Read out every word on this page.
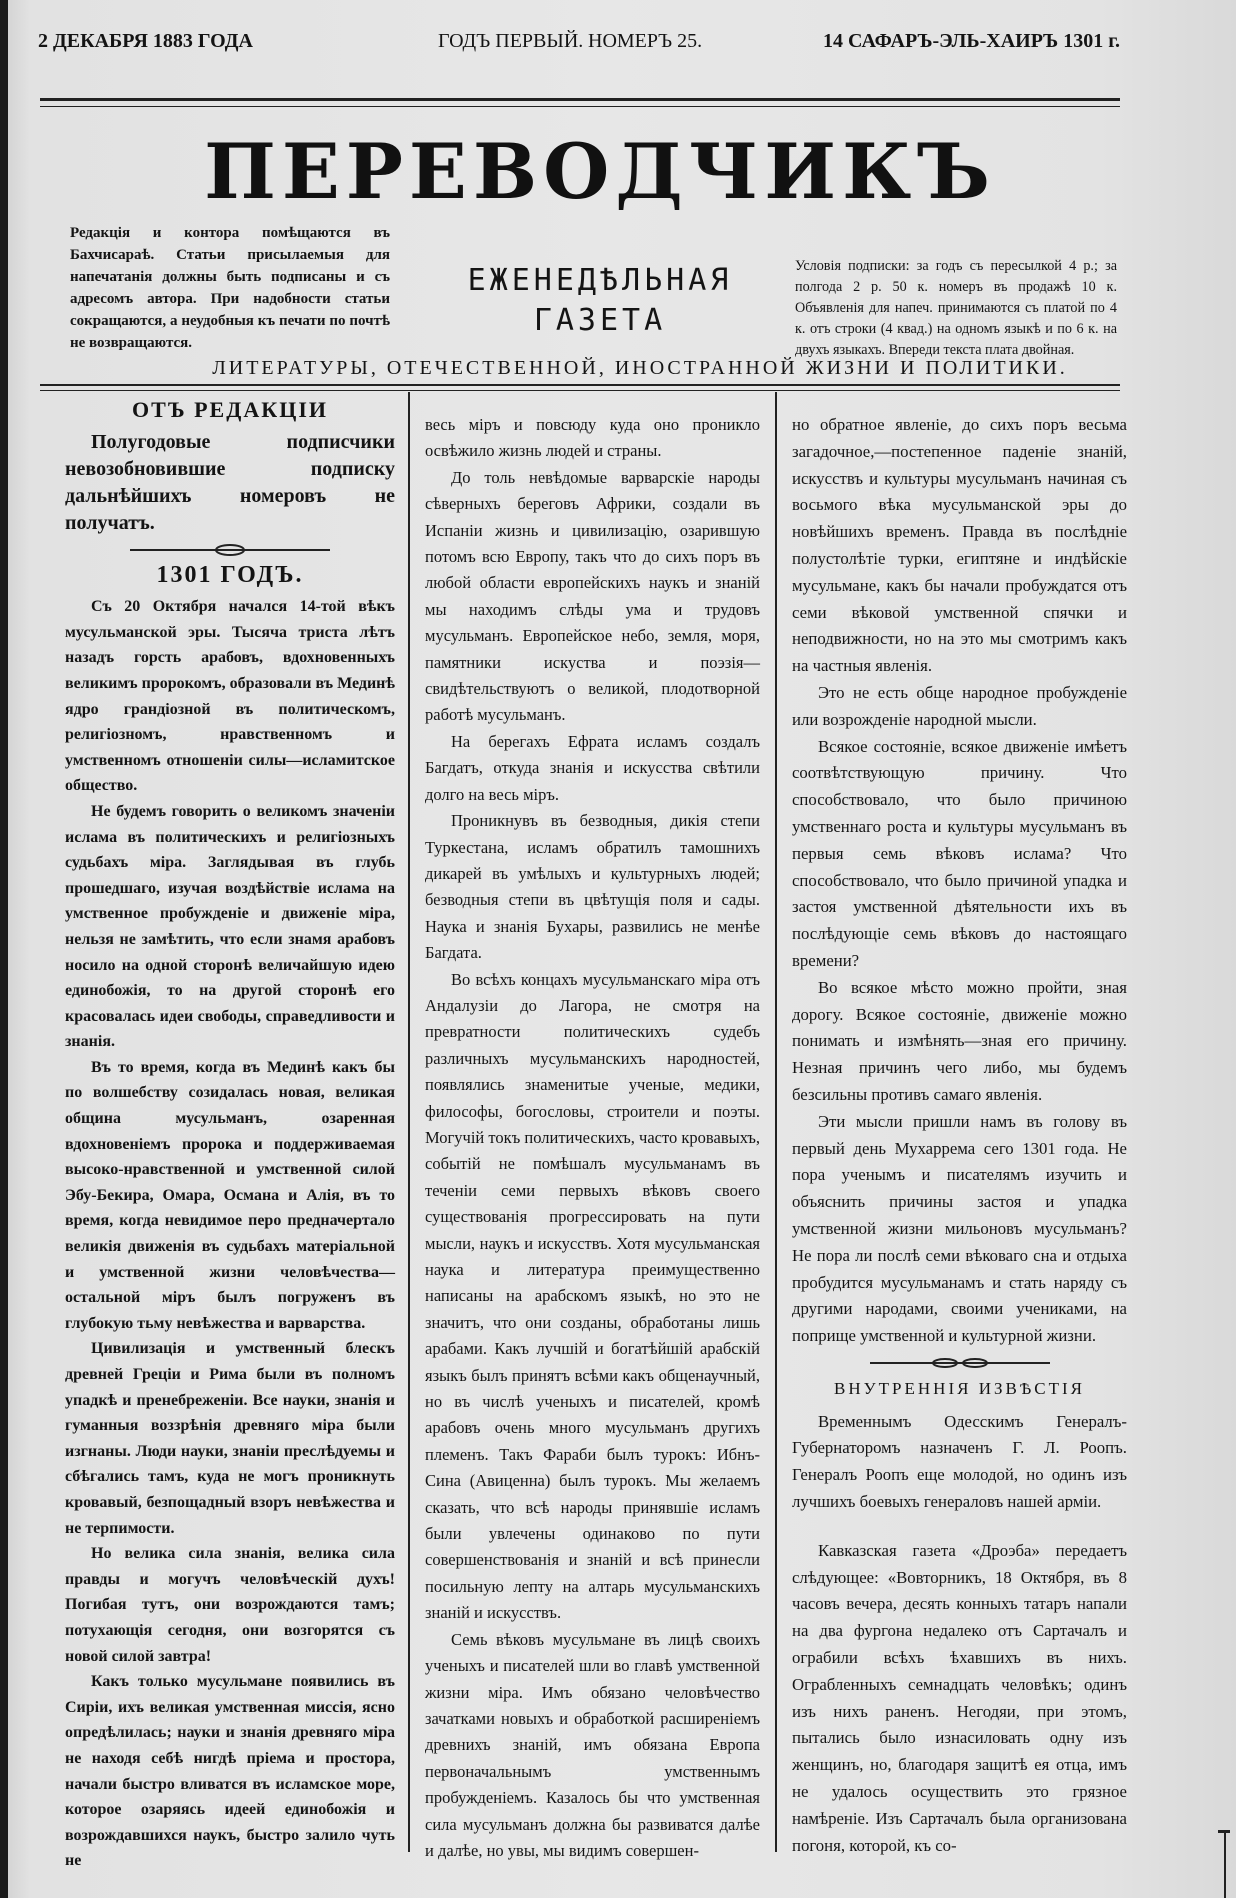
2 ДЕКАБРЯ 1883 ГОДА	ГОДЪ ПЕРВЫЙ. НОМЕРЪ 25.	14 САФАРЪ-ЭЛЬ-ХАИРЪ 1301 г.
ПЕРЕВОДЧИКЪ
Редакція и контора помѣщаются въ Бахчисараѣ. Статьи присылаемыя для напечатанія должны быть подписаны и съ адресомъ автора. При надобности статьи сокращаются, а неудобныя къ печати по почтѣ не возвращаются.
ЕЖЕНЕДѢЛЬНАЯ
ГАЗЕТА
Условія подписки: за годъ съ пересылкой 4 р.; за полгода 2 р. 50 к. номеръ въ продажѣ 10 к. Объявленія для напеч. принимаются съ платой по 4 к. отъ строки (4 квад.) на одномъ языкѣ и по 6 к. на двухъ языкахъ. Впереди текста плата двойная.
ЛИТЕРАТУРЫ, ОТЕЧЕСТВЕННОЙ, ИНОСТРАННОЙ ЖИЗНИ И ПОЛИТИКИ.

ОТЪ РЕДАКЦІИ

Полугодовые подписчики невозобновившие подписку дальнѣйшихъ номеровъ не получатъ.

1301 ГОДЪ.

Съ 20 Октября начался 14-той вѣкъ мусульманской эры. Тысяча триста лѣтъ назадъ горсть арабовъ, вдохновенныхъ великимъ пророкомъ, образовали въ Мединѣ ядро грандіозной въ политическомъ, религіозномъ, нравственномъ и умственномъ отношеніи силы—исламитское общество.

Не будемъ говорить о великомъ значеніи ислама въ политическихъ и религіозныхъ судьбахъ міра. Заглядывая въ глубь прошедшаго, изучая воздѣйствіе ислама на умственное пробужденіе и движеніе міра, нельзя не замѣтить, что если знамя арабовъ носило на одной сторонѣ величайшую идею единобожія, то на другой сторонѣ его красовалась идеи свободы, справедливости и знанія.

Въ то время, когда въ Мединѣ какъ бы по волшебству созидалась новая, великая община мусульманъ, озаренная вдохновеніемъ пророка и поддерживаемая высоко-нравственной и умственной силой Эбу-Бекира, Омара, Османа и Алія, въ то время, когда невидимое перо предначертало великія движенія въ судьбахъ матеріальной и умственной жизни человѣчества—остальной міръ былъ погруженъ въ глубокую тьму невѣжества и варварства.

Цивилизація и умственный блескъ древней Греціи и Рима были въ полномъ упадкѣ и пренебреженіи. Все науки, знанія и гуманныя воззрѣнія древняго міра были изгнаны. Люди науки, знаніи преслѣдуемы и сбѣгались тамъ, куда не могъ проникнуть кровавый, безпощадный взоръ невѣжества и не терпимости.

Но велика сила знанія, велика сила правды и могучъ человѣческій духъ! Погибая тутъ, они возрождаются тамъ; потухающія сегодня, они возгорятся съ новой силой завтра!

Какъ только мусульмане появились въ Сиріи, ихъ великая умственная миссія, ясно опредѣлилась; науки и знанія древняго міра не находя себѣ нигдѣ пріема и простора, начали быстро вливатся въ исламское море, которое озаряясь идеей единобожія и возрождавшихся наукъ, быстро залило чуть не

весь міръ и повсюду куда оно проникло освѣжило жизнь людей и страны.

До толь невѣдомые варварскіе народы сѣверныхъ береговъ Африки, создали въ Испаніи жизнь и цивилизацію, озарившую потомъ всю Европу, такъ что до сихъ поръ въ любой области европейскихъ наукъ и знаній мы находимъ слѣды ума и трудовъ мусульманъ. Европейское небо, земля, моря, памятники искуства и поэзія—свидѣтельствуютъ о великой, плодотворной работѣ мусульманъ.

На берегахъ Ефрата исламъ создалъ Багдатъ, откуда знанія и искусства свѣтили долго на весь міръ.

Проникнувъ въ безводныя, дикія степи Туркестана, исламъ обратилъ тамошнихъ дикарей въ умѣлыхъ и культурныхъ людей; безводныя степи въ цвѣтущія поля и сады. Наука и знанія Бухары, развились не менѣе Багдата.

Во всѣхъ концахъ мусульманскаго міра отъ Андалузіи до Лагора, не смотря на превратности политическихъ судебъ различныхъ мусульманскихъ народностей, появлялись знаменитые ученые, медики, философы, богословы, строители и поэты. Могучій токъ политическихъ, часто кровавыхъ, событій не помѣшалъ мусульманамъ въ теченіи семи первыхъ вѣковъ своего существованія прогрессировать на пути мысли, наукъ и искусствъ. Хотя мусульманская наука и литература преимущественно написаны на арабскомъ языкѣ, но это не значитъ, что они созданы, обработаны лишь арабами. Какъ лучшій и богатѣйшій арабскій языкъ былъ принятъ всѣми какъ общенаучный, но въ числѣ ученыхъ и писателей, кромѣ арабовъ очень много мусульманъ другихъ племенъ. Такъ Фараби былъ турокъ: Ибнъ-Сина (Авиценна) былъ турокъ. Мы желаемъ сказать, что всѣ народы принявшіе исламъ были увлечены одинаково по пути совершенствованія и знаній и всѣ принесли посильную лепту на алтарь мусульманскихъ знаній и искусствъ.

Семь вѣковъ мусульмане въ лицѣ своихъ ученыхъ и писателей шли во главѣ умственной жизни міра. Имъ обязано человѣчество зачатками новыхъ и обработкой расширеніемъ древнихъ знаній, имъ обязана Европа первоначальнымъ умственнымъ пробужденіемъ. Казалось бы что умственная сила мусульманъ должна бы развиватся далѣе и далѣе, но увы, мы видимъ совершен-

но обратное явленіе, до сихъ поръ весьма загадочное,—постепенное паденіе знаній, искусствъ и культуры мусульманъ начиная съ восьмого вѣка мусульманской эры до новѣйшихъ временъ. Правда въ послѣдніе полустолѣтіе турки, египтяне и индѣйскіе мусульмане, какъ бы начали пробуждатся отъ семи вѣковой умственной спячки и неподвижности, но на это мы смотримъ какъ на частныя явленія.

Это не есть обще народное пробужденіе или возрожденіе народной мысли.

Всякое состояніе, всякое движеніе имѣетъ соотвѣтствующую причину. Что способствовало, что было причиною умственнаго роста и культуры мусульманъ въ первыя семь вѣковъ ислама? Что способствовало, что было причиной упадка и застоя умственной дѣятельности ихъ въ послѣдующіе семь вѣковъ до настоящаго времени?

Во всякое мѣсто можно пройти, зная дорогу. Всякое состояніе, движеніе можно понимать и измѣнять—зная его причину. Незная причинъ чего либо, мы будемъ безсильны противъ самаго явленія.

Эти мысли пришли намъ въ голову въ первый день Мухаррема сего 1301 года. Не пора ученымъ и писателямъ изучить и объяснить причины застоя и упадка умственной жизни мильоновъ мусульманъ? Не пора ли послѣ семи вѣковаго сна и отдыха пробудится мусульманамъ и стать наряду съ другими народами, своими учениками, на поприще умственной и культурной жизни.

ВНУТРЕННІЯ ИЗВѢСТІЯ

Временнымъ Одесскимъ Генералъ-Губернаторомъ назначенъ Г. Л. Роопъ. Генералъ Роопъ еще молодой, но одинъ изъ лучшихъ боевыхъ генераловъ нашей арміи.

Кавказская газета «Дроэба» передаетъ слѣдующее: «Вовторникъ, 18 Октября, въ 8 часовъ вечера, десять конныхъ татаръ напали на два фургона недалеко отъ Сартачалъ и ограбили всѣхъ ѣхавшихъ въ нихъ. Ограбленныхъ семнадцать человѣкъ; одинъ изъ нихъ раненъ. Негодяи, при этомъ, пытались было изнасиловать одну изъ женщинъ, но, благодаря защитѣ ея отца, имъ не удалось осуществить это грязное намѣреніе. Изъ Сартачалъ была организована погоня, которой, къ со-
